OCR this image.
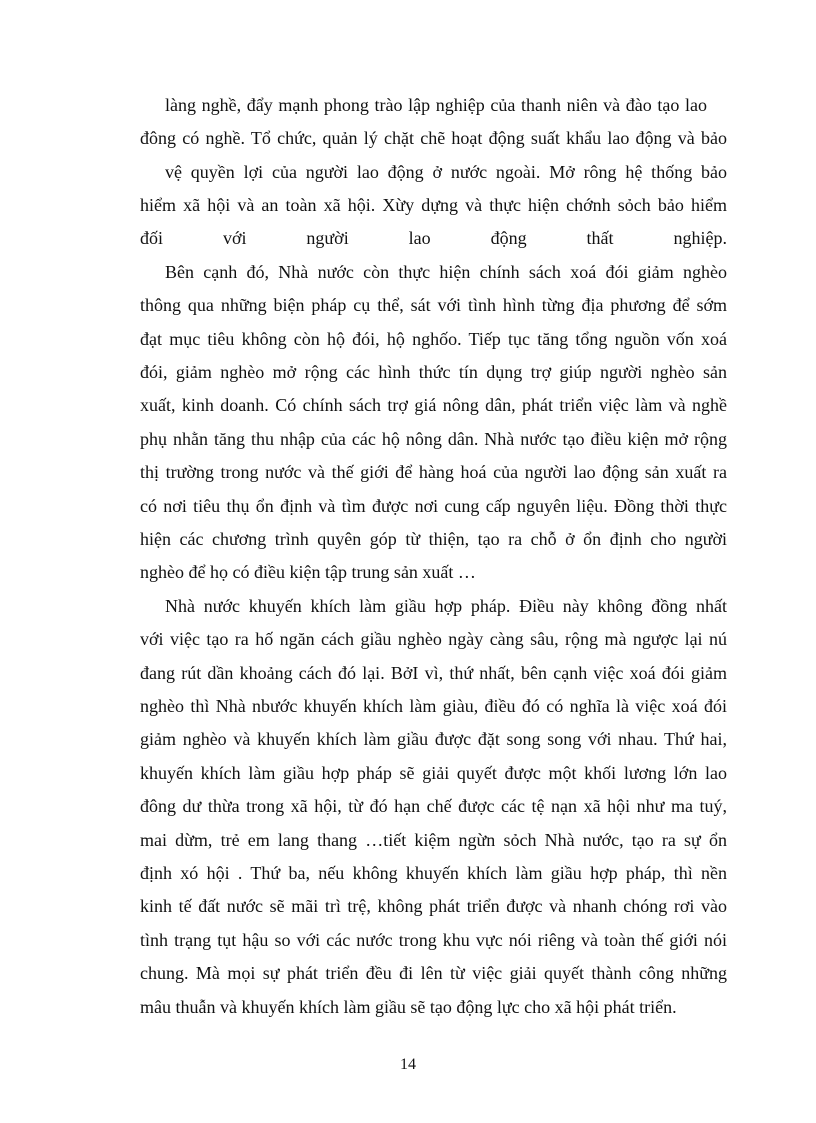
làng nghề, đẩy mạnh phong trào lập nghiệp của thanh niên và đào tạo lao
đông có nghề. Tổ chức, quản lý chặt chẽ hoạt động suất khẩu lao động và bảo
vệ quyền lợi của người lao động ở nước ngoài. Mở rông hệ thống bảo
hiểm xã hội và an toàn xã hội. Xừy dựng và thực hiện chớnh sỏch bảo hiểm
đối với người lao động thất nghiệp.
Bên cạnh đó, Nhà nước còn thực hiện chính sách xoá đói giảm nghèo
thông qua những biện pháp cụ thể, sát với tình hình từng địa phương để sớm
đạt mục tiêu không còn hộ đói, hộ nghốo. Tiếp tục tăng tổng nguồn vốn xoá
đói, giảm nghèo mở rộng các hình thức tín dụng trợ giúp người nghèo sản
xuất, kinh doanh. Có chính sách trợ giá nông dân, phát triển việc làm và nghề
phụ nhằn tăng thu nhập của các hộ nông dân. Nhà nước tạo điều kiện mở rộng
thị trường trong nước và thế giới để hàng hoá của người lao động sản xuất ra
có nơi tiêu thụ ổn định và tìm được nơi cung cấp nguyên liệu. Đồng thời thực
hiện các chương trình quyên góp từ thiện, tạo ra chỗ ở ổn định cho người
nghèo để họ có điều kiện tập trung sản xuất …
Nhà nước khuyến khích làm giầu hợp pháp. Điều này không đồng nhất
với việc tạo ra hố ngăn cách giầu nghèo ngày càng sâu, rộng mà ngược lại nú
đang rút dần khoảng cách đó lại. BởI vì, thứ nhất, bên cạnh việc xoá đói giảm
nghèo thì Nhà nbước khuyến khích làm giàu, điều đó có nghĩa là việc xoá đói
giảm nghèo và khuyến khích làm giầu được đặt song song với nhau. Thứ hai,
khuyến khích làm giầu hợp pháp sẽ giải quyết được một khối lương lớn lao
đông dư thừa trong xã hội, từ đó hạn chế được các tệ nạn xã hội như ma tuý,
mai dừm, trẻ em lang thang …tiết kiệm ngừn sỏch Nhà nước, tạo ra sự ổn
định xó hội . Thứ ba, nếu không khuyến khích làm giầu hợp pháp, thì nền
kinh tế đất nước sẽ mãi trì trệ, không phát triển được và nhanh chóng rơi vào
tình trạng tụt hậu so với các nước trong khu vực nói riêng và toàn thế giới nói
chung. Mà mọi sự phát triển đều đi lên từ việc giải quyết thành công những
mâu thuẫn và khuyến khích làm giầu sẽ tạo động lực cho xã hội phát triển.
14
